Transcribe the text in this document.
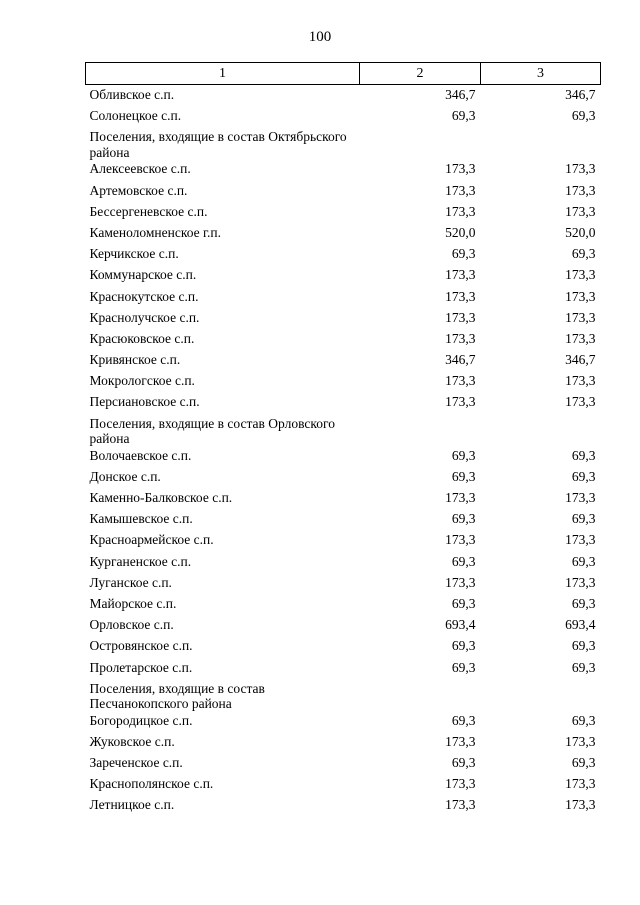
100
1	2	3
Обливское с.п.	346,7	346,7
Солонецкое с.п.	69,3	69,3
Поселения, входящие в состав Октябрьского района		
Алексеевское с.п.	173,3	173,3
Артемовское с.п.	173,3	173,3
Бессергеневское с.п.	173,3	173,3
Каменоломненское г.п.	520,0	520,0
Керчикское с.п.	69,3	69,3
Коммунарское с.п.	173,3	173,3
Краснокутское с.п.	173,3	173,3
Краснолучское с.п.	173,3	173,3
Красюковское с.п.	173,3	173,3
Кривянское с.п.	346,7	346,7
Мокрологское с.п.	173,3	173,3
Персиановское с.п.	173,3	173,3
Поселения, входящие в состав Орловского района		
Волочаевское с.п.	69,3	69,3
Донское с.п.	69,3	69,3
Каменно-Балковское с.п.	173,3	173,3
Камышевское с.п.	69,3	69,3
Красноармейское с.п.	173,3	173,3
Курганенское с.п.	69,3	69,3
Луганское с.п.	173,3	173,3
Майорское с.п.	69,3	69,3
Орловское с.п.	693,4	693,4
Островянское с.п.	69,3	69,3
Пролетарское с.п.	69,3	69,3
Поселения, входящие в состав Песчанокопского района		
Богородицкое с.п.	69,3	69,3
Жуковское с.п.	173,3	173,3
Зареченское с.п.	69,3	69,3
Краснополянское с.п.	173,3	173,3
Летницкое с.п.	173,3	173,3
